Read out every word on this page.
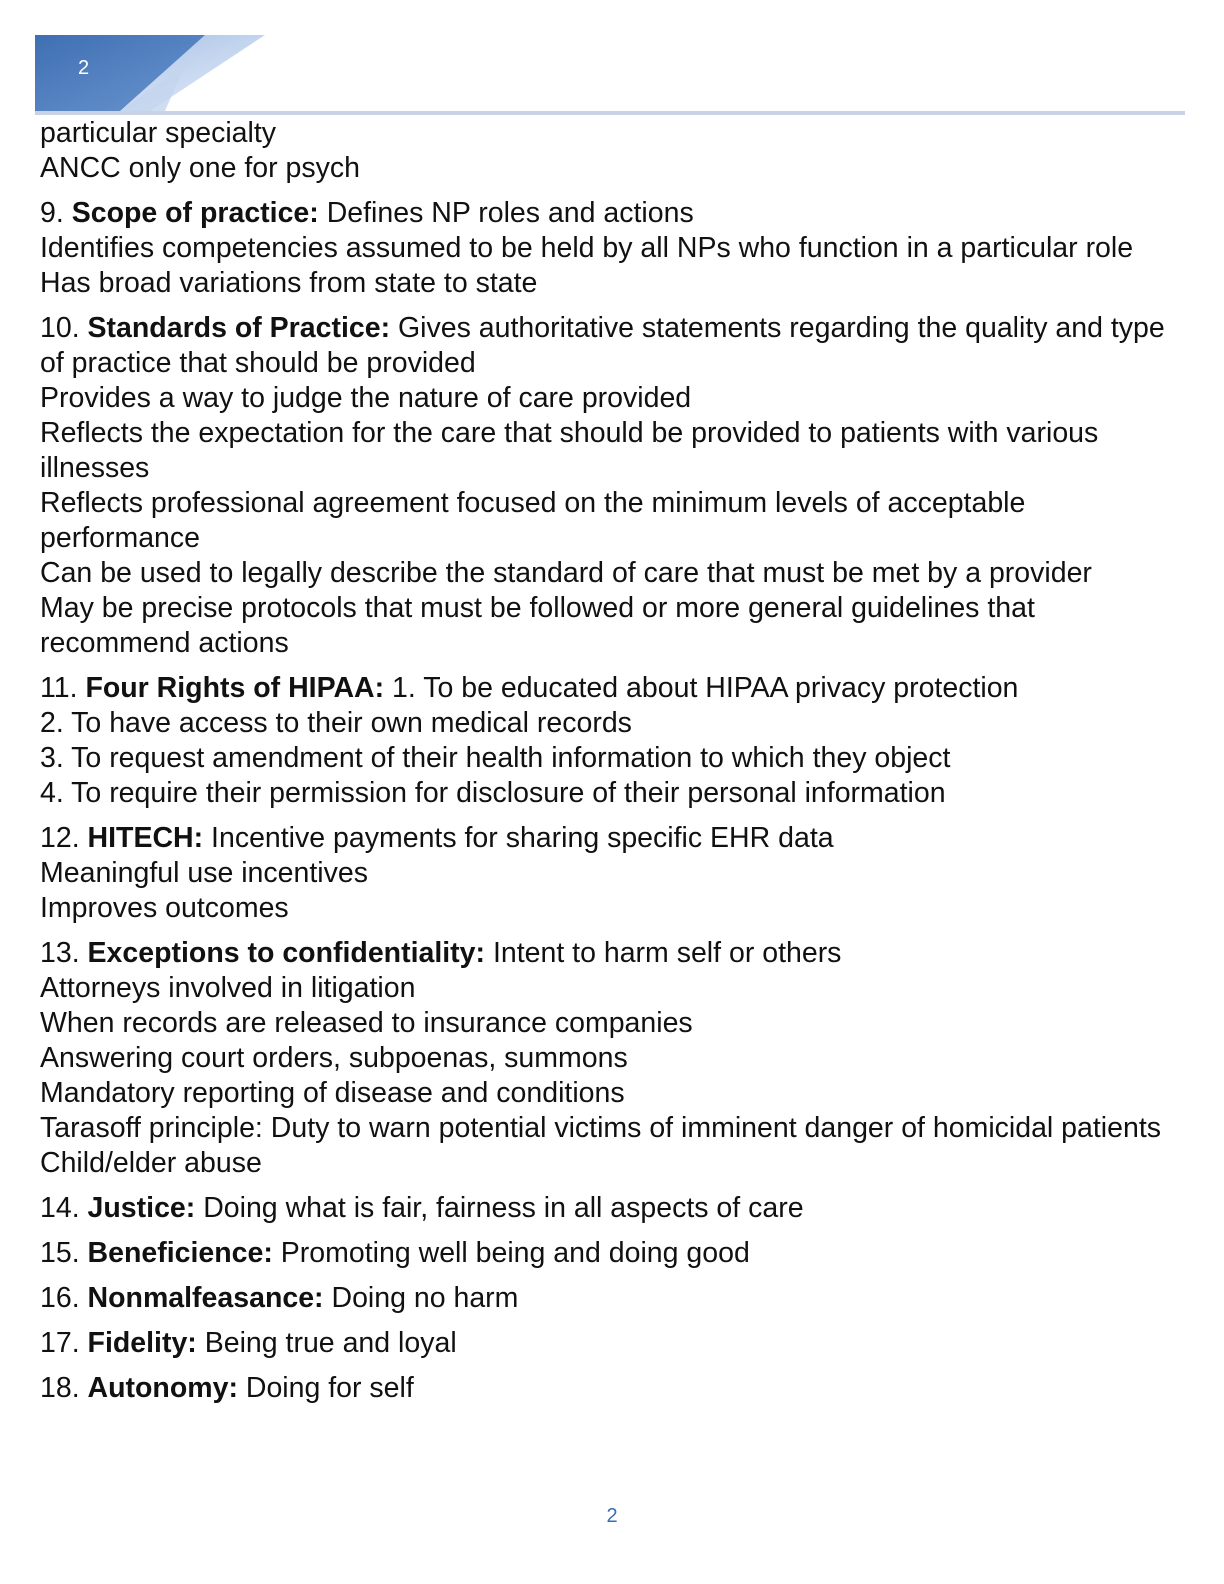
2
particular specialty
ANCC only one for psych
9. Scope of practice: Defines NP roles and actions
Identifies competencies assumed to be held by all NPs who function in a particular role
Has broad variations from state to state
10. Standards of Practice: Gives authoritative statements regarding the quality and type of practice that should be provided
Provides a way to judge the nature of care provided
Reflects the expectation for the care that should be provided to patients with various illnesses
Reflects professional agreement focused on the minimum levels of acceptable performance
Can be used to legally describe the standard of care that must be met by a provider
May be precise protocols that must be followed or more general guidelines that recommend actions
11. Four Rights of HIPAA: 1. To be educated about HIPAA privacy protection
2. To have access to their own medical records
3. To request amendment of their health information to which they object
4. To require their permission for disclosure of their personal information
12. HITECH: Incentive payments for sharing specific EHR data
Meaningful use incentives
Improves outcomes
13. Exceptions to confidentiality: Intent to harm self or others
Attorneys involved in litigation
When records are released to insurance companies
Answering court orders, subpoenas, summons
Mandatory reporting of disease and conditions
Tarasoff principle: Duty to warn potential victims of imminent danger of homicidal patients
Child/elder abuse
14. Justice: Doing what is fair, fairness in all aspects of care
15. Beneficience: Promoting well being and doing good
16. Nonmalfeasance: Doing no harm
17. Fidelity: Being true and loyal
18. Autonomy: Doing for self
2
